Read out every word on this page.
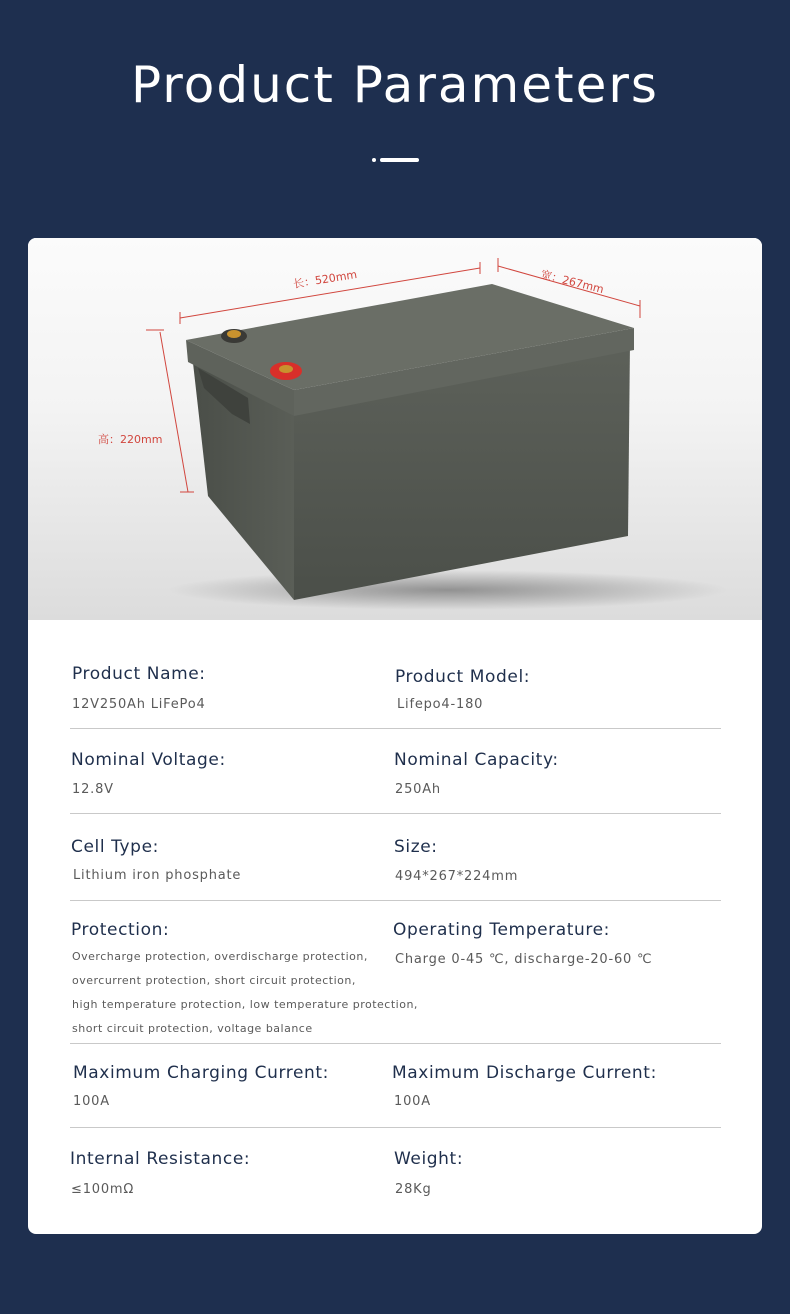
Product Parameters
长：520mm	宽：267mm
高：220mm
Product Name:
12V250Ah LiFePo4
Product Model:
Lifepo4-180
Nominal Voltage:
12.8V
Nominal Capacity:
250Ah
Cell Type:
Lithium iron phosphate
Size:
494*267*224mm
Protection:
Overcharge protection, overdischarge protection,
overcurrent protection, short circuit protection,
high temperature protection, low temperature protection,
short circuit protection, voltage balance
Operating Temperature:
Charge 0-45 ℃, discharge-20-60 ℃
Maximum Charging Current:
100A
Maximum Discharge Current:
100A
Internal Resistance:
≤100mΩ
Weight:
28Kg
